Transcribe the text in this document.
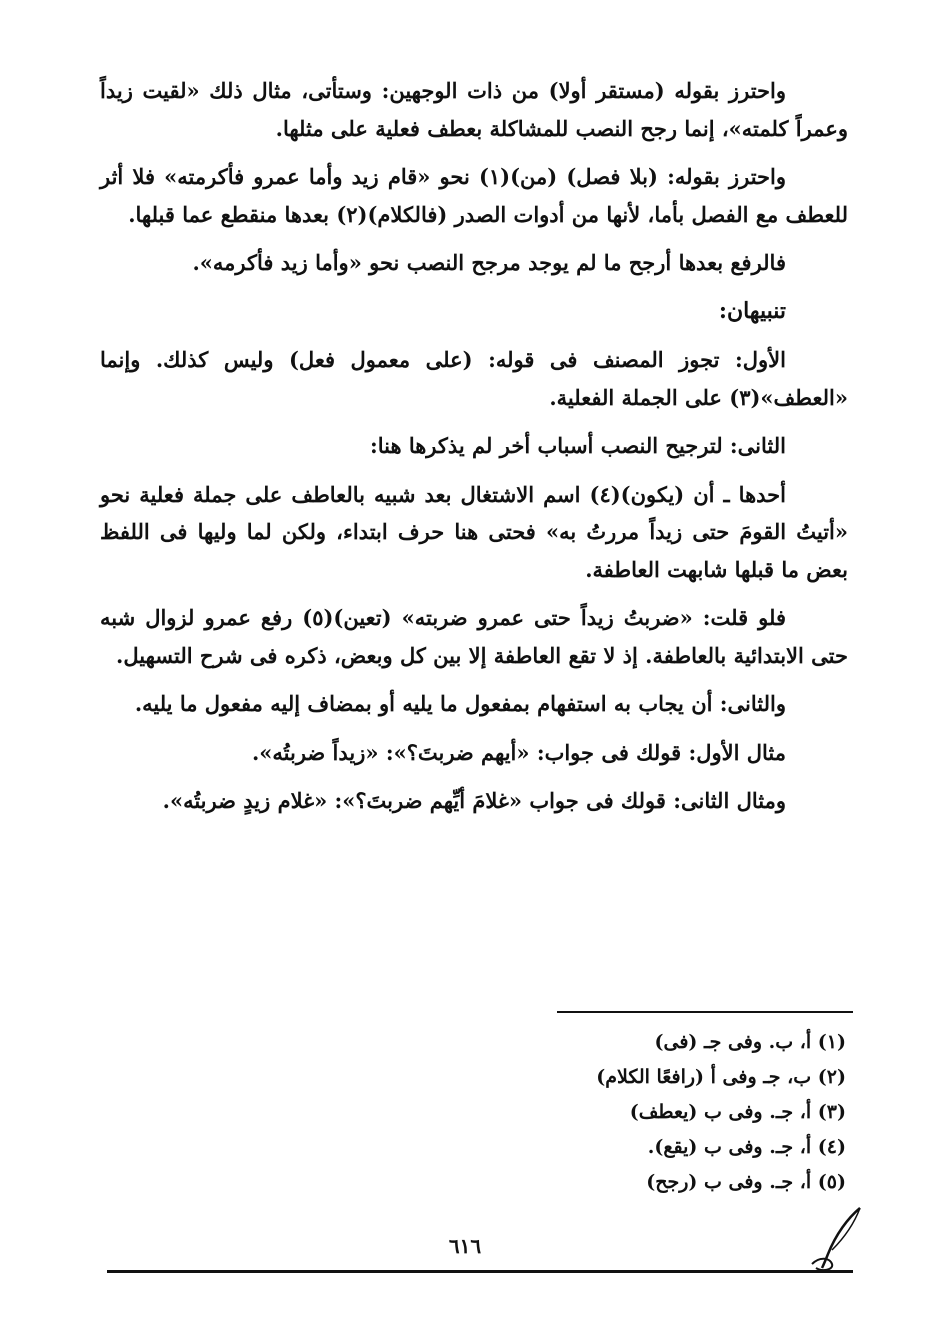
واحترز بقوله (مستقر أولا) من ذات الوجهين: وستأتى، مثال ذلك «لقيت زيداً وعمراً كلمته»، إنما رجح النصب للمشاكلة بعطف فعلية على مثلها.

واحترز بقوله: (بلا فصل) (من)(١) نحو «قام زيد وأما عمرو فأكرمته» فلا أثر للعطف مع الفصل بأما، لأنها من أدوات الصدر (فالكلام)(٢) بعدها منقطع عما قبلها.

فالرفع بعدها أرجح ما لم يوجد مرجح النصب نحو «وأما زيد فأكرمه».

تنبيهان:

الأول: تجوز المصنف فى قوله: (على معمول فعل) وليس كذلك. وإنما «العطف»(٣) على الجملة الفعلية.

الثانى: لترجيح النصب أسباب أخر لم يذكرها هنا:

أحدها ـ أن (يكون)(٤) اسم الاشتغال بعد شبيه بالعاطف على جملة فعلية نحو «أتيتُ القومَ حتى زيداً مررتُ به» فحتى هنا حرف ابتداء، ولكن لما وليها فى اللفظ بعض ما قبلها شابهت العاطفة.

فلو قلت: «ضربتُ زيداً حتى عمرو ضربته» (تعين)(٥) رفع عمرو لزوال شبه حتى الابتدائية بالعاطفة. إذ لا تقع العاطفة إلا بين كل وبعض، ذكره فى شرح التسهيل.

والثانى: أن يجاب به استفهام بمفعول ما يليه أو بمضاف إليه مفعول ما يليه.

مثال الأول: قولك فى جواب: «أيهم ضربتَ؟»: «زيداً ضربتُه».

ومثال الثانى: قولك فى جواب «غلامَ أيِّهم ضربتَ؟»: «غلام زيدٍ ضربتُه».

(١) أ، ب. وفى جـ (فى)
(٢) ب، جـ وفى أ (رافعًا الكلام)
(٣) أ، جـ. وفى ب (يعطف)
(٤) أ، جـ. وفى ب (يقع).
(٥) أ، جـ. وفى ب (رجح)
٦١٦
